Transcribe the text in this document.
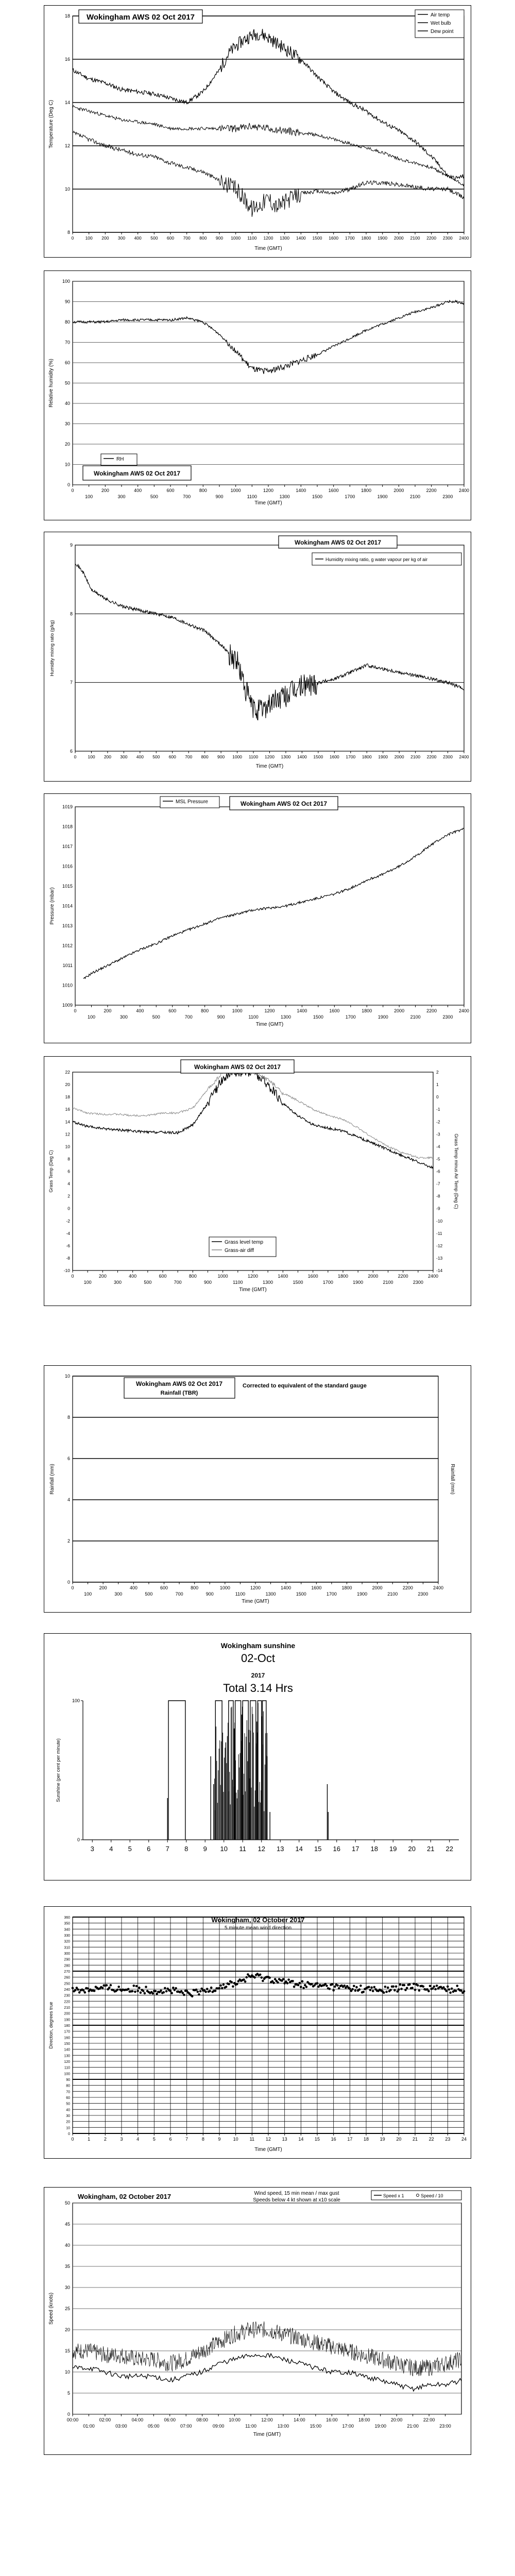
8
10
12
14
16
18
0	100 200 300 400 500 600 700 800 900 1000 1100 1200 1300 1400 1500 1600 1700 1800 1900 2000 2100 2200 2300 2400
Time (GMT)
Temperature (Deg C)
Wokingham AWS 02 Oct 2017	Air temp
Wet bulb
Dew point
0
10
20
30
40
50
60
70
80
90
100
0	200	400	600	800	1000	1200	1400	1600	1800	2000	2200	2400
100	300	500	700	900	1100	1300	1500	1700	1900	2100	2300
Time (GMT)
Relative humidity (%)
RH
Wokingham AWS 02 Oct 2017
6
7
8
9
0	100 200 300 400 500 600 700 800 900 1000 1100 1200 1300 1400 1500 1600 1700 1800 1900 2000 2100 2200 2300 2400
Time (GMT)
Humidity mixing ratio (g/kg)
Wokingham AWS 02 Oct 2017
Humidity mixing ratio, g water vapour per kg of air
1009
1010
1011
1012
1013
1014
1015
1016
1017
1018
1019
0	200	400	600	800	1000	1200	1400	1600	1800	2000	2200	2400
100	300	500	700	900	1100	1300	1500	1700	1900	2100	2300
Time (GMT)
Pressure (mbar)
MSL Pressure	Wokingham AWS 02 Oct 2017
-10
-8
-6
-4
-2
0
2
4
6
8
10
12
14
16
18
20
22
0	200	400	600	800	1000	1200	1400	1600	1800	2000	2200	2400
100	300	500	700	900	1100	1300	1500	1700	1900	2100	2300
-14
-13
-12
-11
-10
-9
-8
-7
-6
-5
-4
-3
-2
-1
0
1
2
Time (GMT)
Grass Temp (Deg C)	Grass Temp minus Air Temp (Deg C)
Wokingham AWS 02 Oct 2017
Grass level temp
Grass-air diff
0
2
4
6
8
10
0	200	400	600	800	1000	1200	1400	1600	1800	2000	2200	2400
100	300	500	700	900	1100	1300	1500	1700	1900	2100	2300
Time (GMT)
Rainfall (mm)	Rainfall (mm)
Wokingham AWS 02 Oct 2017
Rainfall (TBR)
Corrected to equivalent of the standard gauge
0
100
3 4 5 6 7 8 9 10 11 12 13 14 15 16 17 18 19 20 21 22
Sunshine (per cent per minute)
Wokingham sunshine
02-Oct
2017
Total 3.14 Hrs
0
10
20
30
40
50
60
70
80
90
100
110
120
130
140
150
160
170
180
190
200
210
220
230
240
250
260
270
280
290
300
310
320
330
340
350
360
0	1	2	3	4	5	6	7	8	9	10 11 12 13 14 15 16 17 18 19 20 21 22 23 24
Time (GMT)
Direction, degrees true
Wokingham, 02 October 2017
5 minute mean wind direction
0
5
10
15
20
25
30
35
40
45
50
00:00	02:00	04:00	06:00	08:00	10:00	12:00	14:00	16:00	18:00	20:00	22:00
01:00	03:00	05:00	07:00	09:00	11:00	13:00	15:00	17:00	19:00	21:00	23:00
Time (GMT)
Speed (knots)
Wokingham, 02 October 2017	Wind speed, 15 min mean / max gust
Speeds below 4 kt shown at x10 scale
Speed x 1	Speed / 10
